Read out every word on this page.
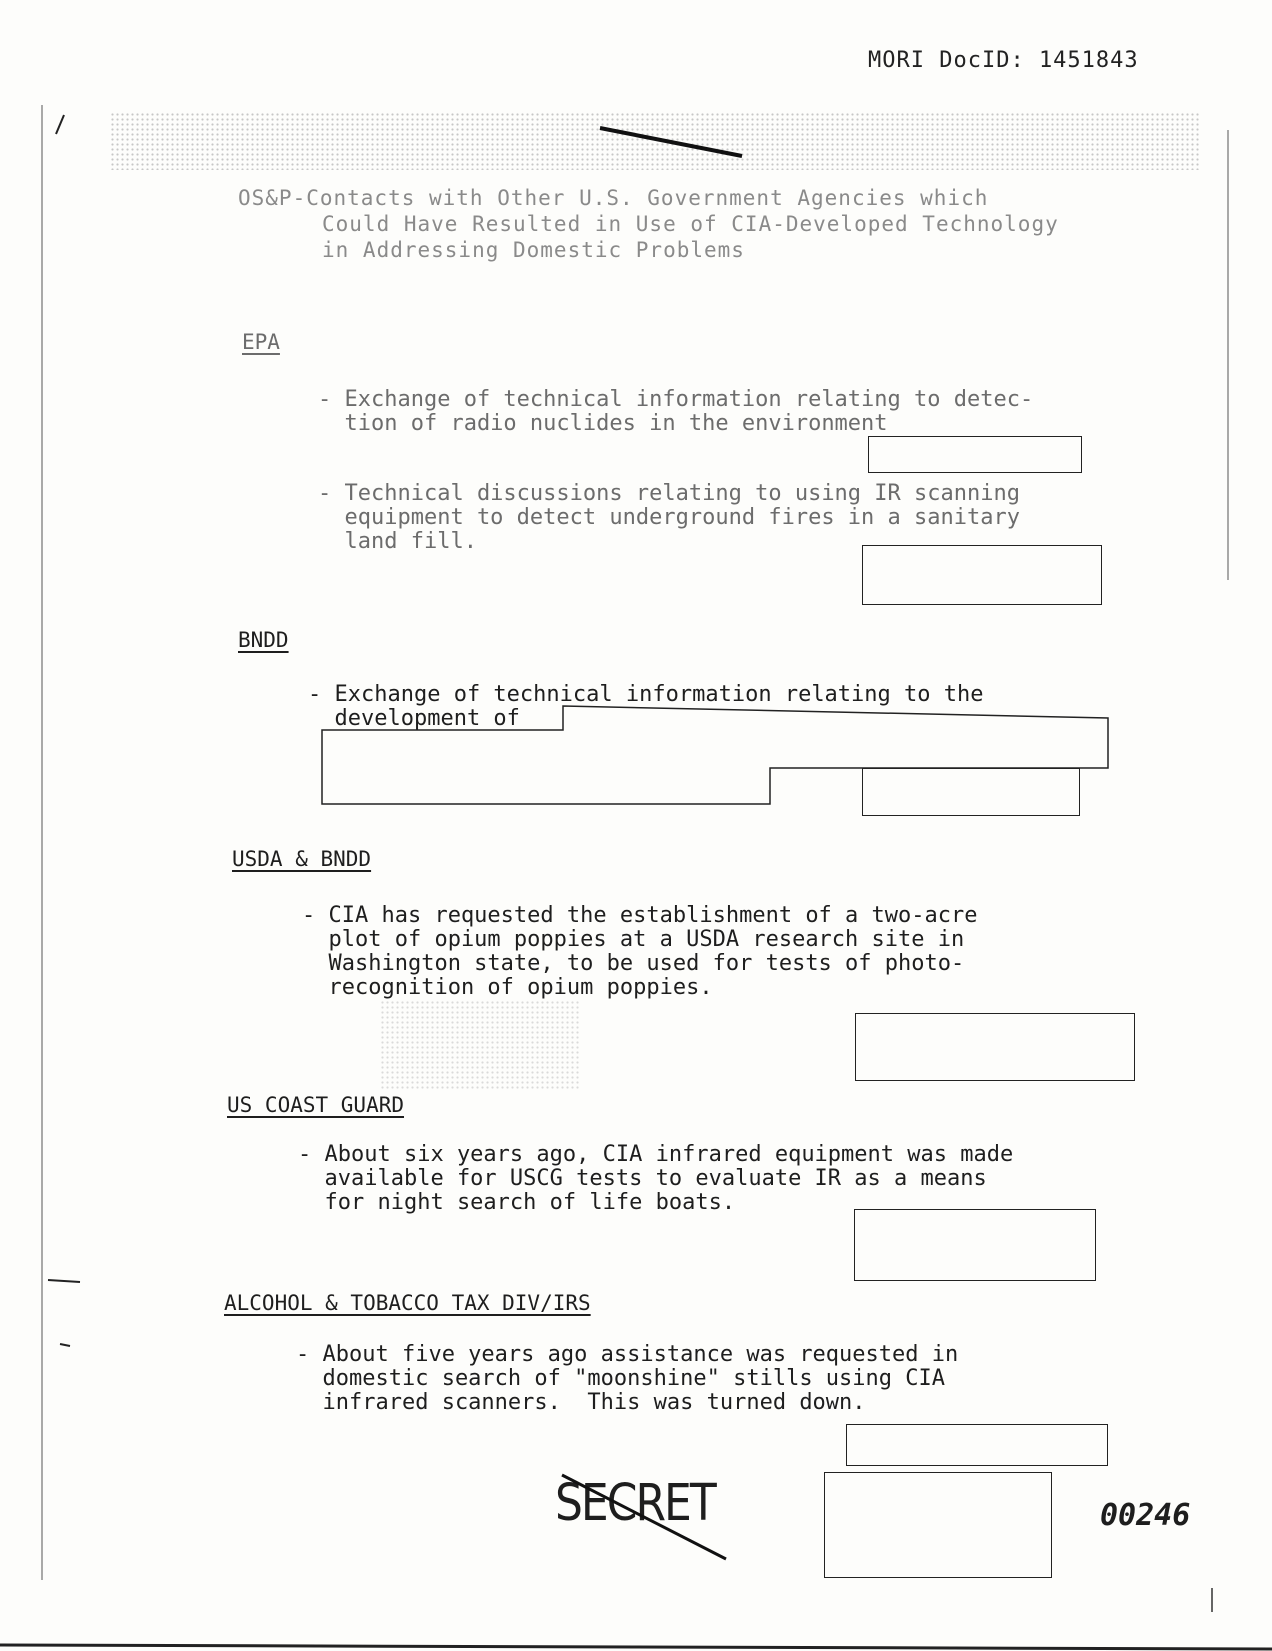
MORI DocID: 1451843
OS&P-Contacts with Other U.S. Government Agencies which
Could Have Resulted in Use of CIA-Developed Technology
in Addressing Domestic Problems
EPA
- Exchange of technical information relating to detec-
tion of radio nuclides in the environment
- Technical discussions relating to using IR scanning
equipment to detect underground fires in a sanitary
land fill.
BNDD
- Exchange of technical information relating to the
development of
USDA & BNDD
- CIA has requested the establishment of a two-acre
plot of opium poppies at a USDA research site in
Washington state, to be used for tests of photo-
recognition of opium poppies.
US COAST GUARD
- About six years ago, CIA infrared equipment was made
available for USCG tests to evaluate IR as a means
for night search of life boats.
ALCOHOL & TOBACCO TAX DIV/IRS
- About five years ago assistance was requested in
domestic search of "moonshine" stills using CIA
infrared scanners.  This was turned down.
SECRET	00246
